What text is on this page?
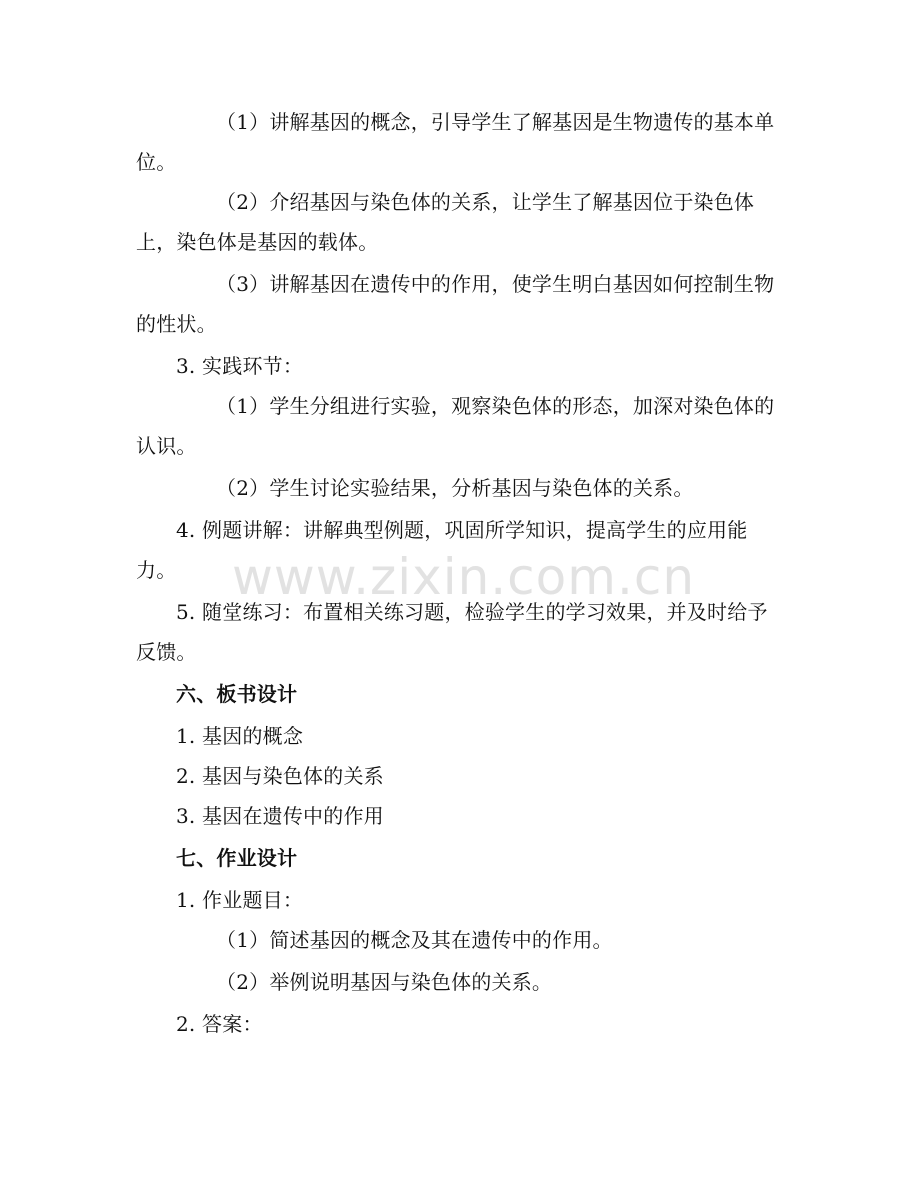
www.zixin.com.cn
（1）讲解基因的概念，引导学生了解基因是生物遗传的基本单位。
（2）介绍基因与染色体的关系，让学生了解基因位于染色体上，染色体是基因的载体。
（3）讲解基因在遗传中的作用，使学生明白基因如何控制生物的性状。
3. 实践环节：
（1）学生分组进行实验，观察染色体的形态，加深对染色体的认识。
（2）学生讨论实验结果，分析基因与染色体的关系。
4. 例题讲解：讲解典型例题，巩固所学知识，提高学生的应用能力。
5. 随堂练习：布置相关练习题，检验学生的学习效果，并及时给予反馈。
六、板书设计
1. 基因的概念
2. 基因与染色体的关系
3. 基因在遗传中的作用
七、作业设计
1. 作业题目：
（1）简述基因的概念及其在遗传中的作用。
（2）举例说明基因与染色体的关系。
2. 答案：
